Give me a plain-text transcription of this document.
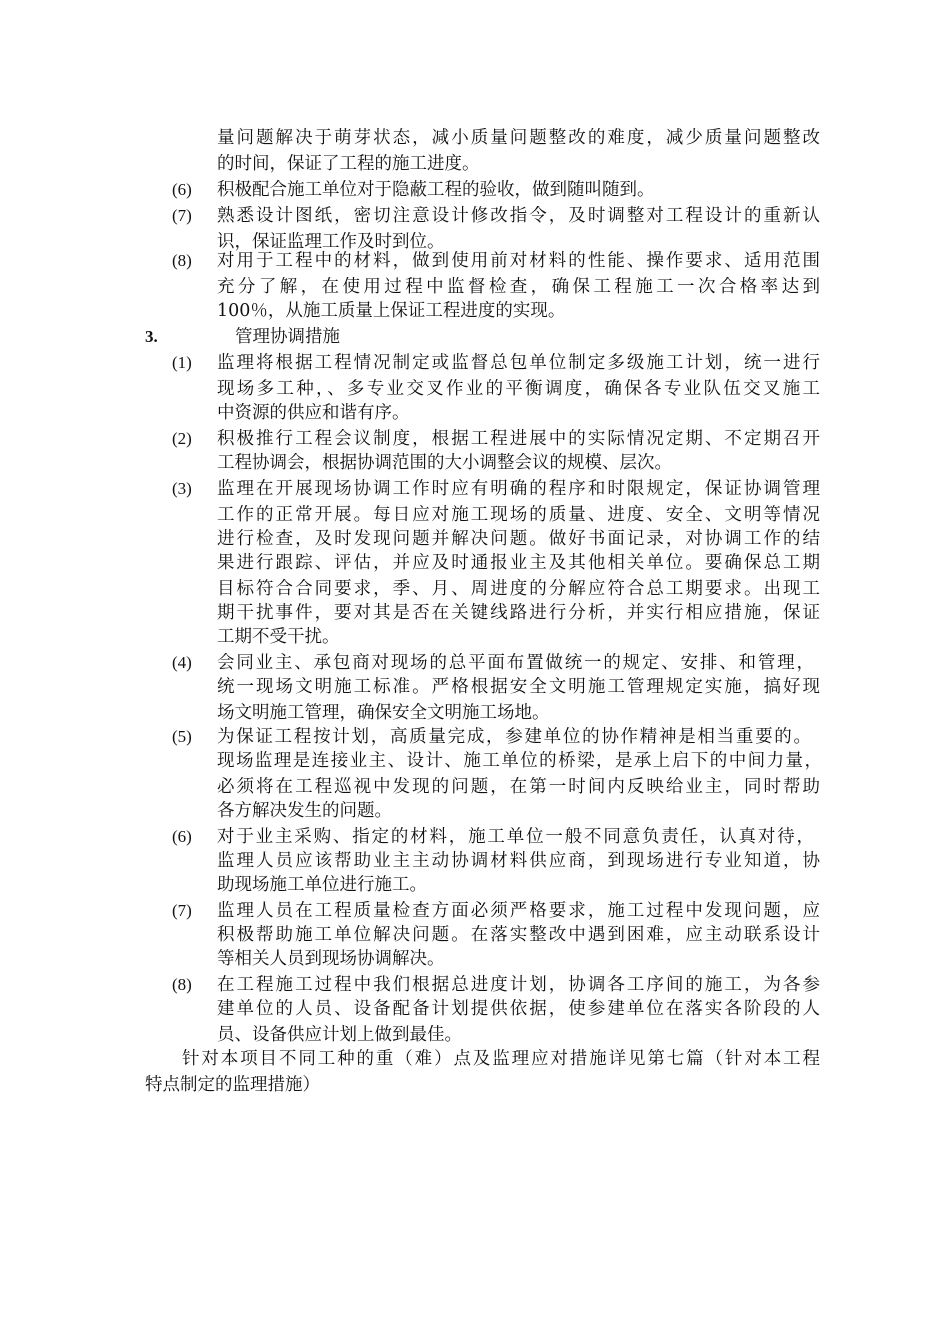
量问题解决于萌芽状态，减小质量问题整改的难度，减少质量问题整改
的时间，保证了工程的施工进度。
(6) 积极配合施工单位对于隐蔽工程的验收，做到随叫随到。
(7) 熟悉设计图纸，密切注意设计修改指令，及时调整对工程设计的重新认
识，保证监理工作及时到位。
(8) 对用于工程中的材料，做到使用前对材料的性能、操作要求、适用范围
充分了解，在使用过程中监督检查，确保工程施工一次合格率达到
100％，从施工质量上保证工程进度的实现。
3.	管理协调措施
(1) 监理将根据工程情况制定或监督总包单位制定多级施工计划，统一进行
现场多工种，、多专业交叉作业的平衡调度，确保各专业队伍交叉施工
中资源的供应和谐有序。
(2) 积极推行工程会议制度，根据工程进展中的实际情况定期、不定期召开
工程协调会，根据协调范围的大小调整会议的规模、层次。
(3) 监理在开展现场协调工作时应有明确的程序和时限规定，保证协调管理
工作的正常开展。每日应对施工现场的质量、进度、安全、文明等情况
进行检查，及时发现问题并解决问题。做好书面记录，对协调工作的结
果进行跟踪、评估，并应及时通报业主及其他相关单位。要确保总工期
目标符合合同要求，季、月、周进度的分解应符合总工期要求。出现工
期干扰事件，要对其是否在关键线路进行分析，并实行相应措施，保证
工期不受干扰。
(4) 会同业主、承包商对现场的总平面布置做统一的规定、安排、和管理，
统一现场文明施工标准。严格根据安全文明施工管理规定实施，搞好现
场文明施工管理，确保安全文明施工场地。
(5) 为保证工程按计划，高质量完成，参建单位的协作精神是相当重要的。
现场监理是连接业主、设计、施工单位的桥梁，是承上启下的中间力量，
必须将在工程巡视中发现的问题，在第一时间内反映给业主，同时帮助
各方解决发生的问题。
(6) 对于业主采购、指定的材料，施工单位一般不同意负责任，认真对待，
监理人员应该帮助业主主动协调材料供应商，到现场进行专业知道，协
助现场施工单位进行施工。
(7) 监理人员在工程质量检查方面必须严格要求，施工过程中发现问题，应
积极帮助施工单位解决问题。在落实整改中遇到困难，应主动联系设计
等相关人员到现场协调解决。
(8) 在工程施工过程中我们根据总进度计划，协调各工序间的施工，为各参
建单位的人员、设备配备计划提供依据，使参建单位在落实各阶段的人
员、设备供应计划上做到最佳。
针对本项目不同工种的重（难）点及监理应对措施详见第七篇（针对本工程
特点制定的监理措施）
